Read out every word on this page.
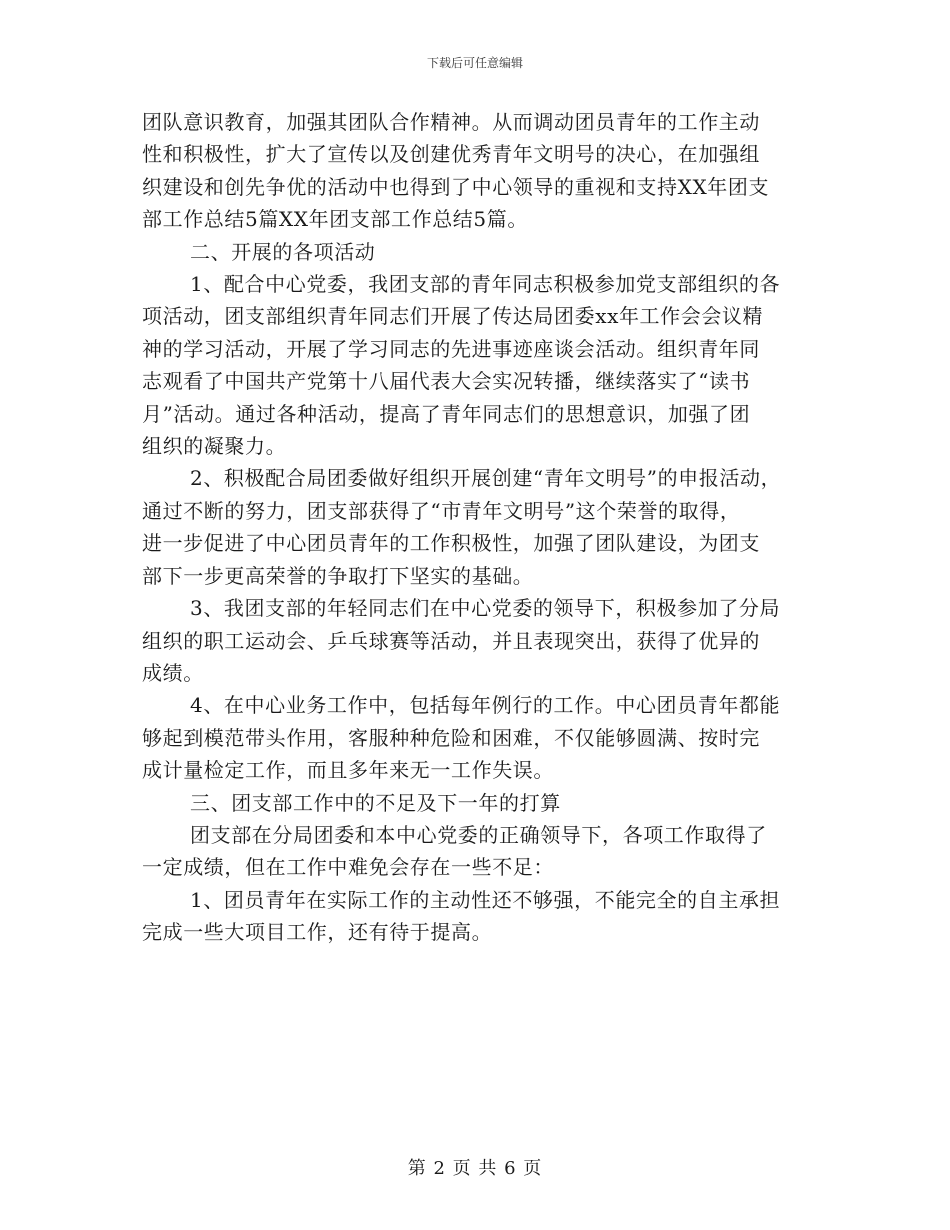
下载后可任意编辑
团队意识教育，加强其团队合作精神。从而调动团员青年的工作主动
性和积极性，扩大了宣传以及创建优秀青年文明号的决心，在加强组
织建设和创先争优的活动中也得到了中心领导的重视和支持XX年团支
部工作总结5篇XX年团支部工作总结5篇。
二、开展的各项活动
1、配合中心党委，我团支部的青年同志积极参加党支部组织的各
项活动，团支部组织青年同志们开展了传达局团委xx年工作会会议精
神的学习活动，开展了学习同志的先进事迹座谈会活动。组织青年同
志观看了中国共产党第十八届代表大会实况转播，继续落实了“读书
月”活动。通过各种活动，提高了青年同志们的思想意识，加强了团
组织的凝聚力。
2、积极配合局团委做好组织开展创建“青年文明号”的申报活动，
通过不断的努力，团支部获得了“市青年文明号”这个荣誉的取得，
进一步促进了中心团员青年的工作积极性，加强了团队建设，为团支
部下一步更高荣誉的争取打下坚实的基础。
3、我团支部的年轻同志们在中心党委的领导下，积极参加了分局
组织的职工运动会、乒乓球赛等活动，并且表现突出，获得了优异的
成绩。
4、在中心业务工作中，包括每年例行的工作。中心团员青年都能
够起到模范带头作用，客服种种危险和困难，不仅能够圆满、按时完
成计量检定工作，而且多年来无一工作失误。
三、团支部工作中的不足及下一年的打算
团支部在分局团委和本中心党委的正确领导下，各项工作取得了
一定成绩，但在工作中难免会存在一些不足：
1、团员青年在实际工作的主动性还不够强，不能完全的自主承担
完成一些大项目工作，还有待于提高。
第 2 页 共 6 页
